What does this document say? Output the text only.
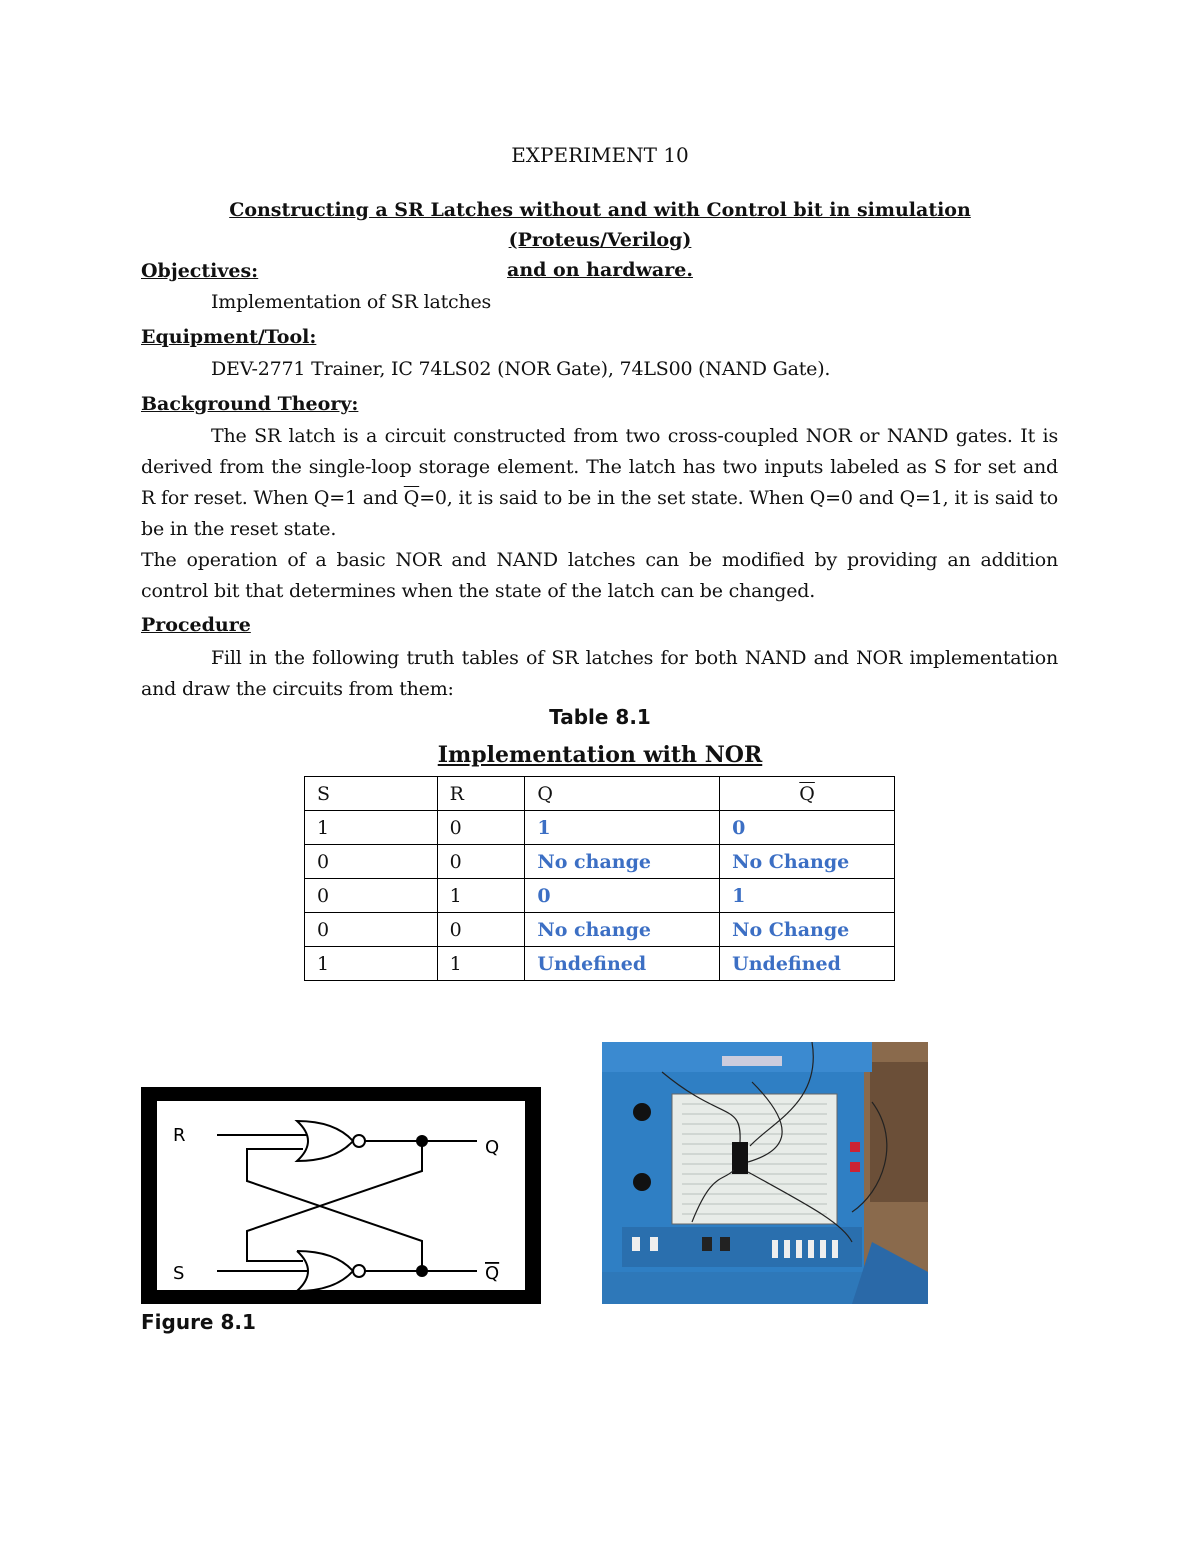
EXPERIMENT 10
Constructing a SR Latches without and with Control bit in simulation (Proteus/Verilog)
and on hardware.
Objectives:
Implementation of SR latches
Equipment/Tool:
DEV-2771 Trainer, IC 74LS02 (NOR Gate), 74LS00 (NAND Gate).
Background Theory:
The SR latch is a circuit constructed from two cross-coupled NOR or NAND gates. It is derived from the single-loop storage element. The latch has two inputs labeled as S for set and R for reset. When Q=1 and $\overline{Q}=0$, it is said to be in the set state. When Q=0 and Q=1, it is said to be in the reset state.
The operation of a basic NOR and NAND latches can be modified by providing an addition control bit that determines when the state of the latch can be changed.
Procedure
Fill in the following truth tables of SR latches for both NAND and NOR implementation and draw the circuits from them:
Table 8.1
Implementation with NOR
S	R	Q	$\overline{Q}$
1	0	1	0
0	0	No change	No Change
0	1	0	1
0	0	No change	No Change
1	1	Undefined	Undefined
R
S
Q
Q
Figure 8.1
